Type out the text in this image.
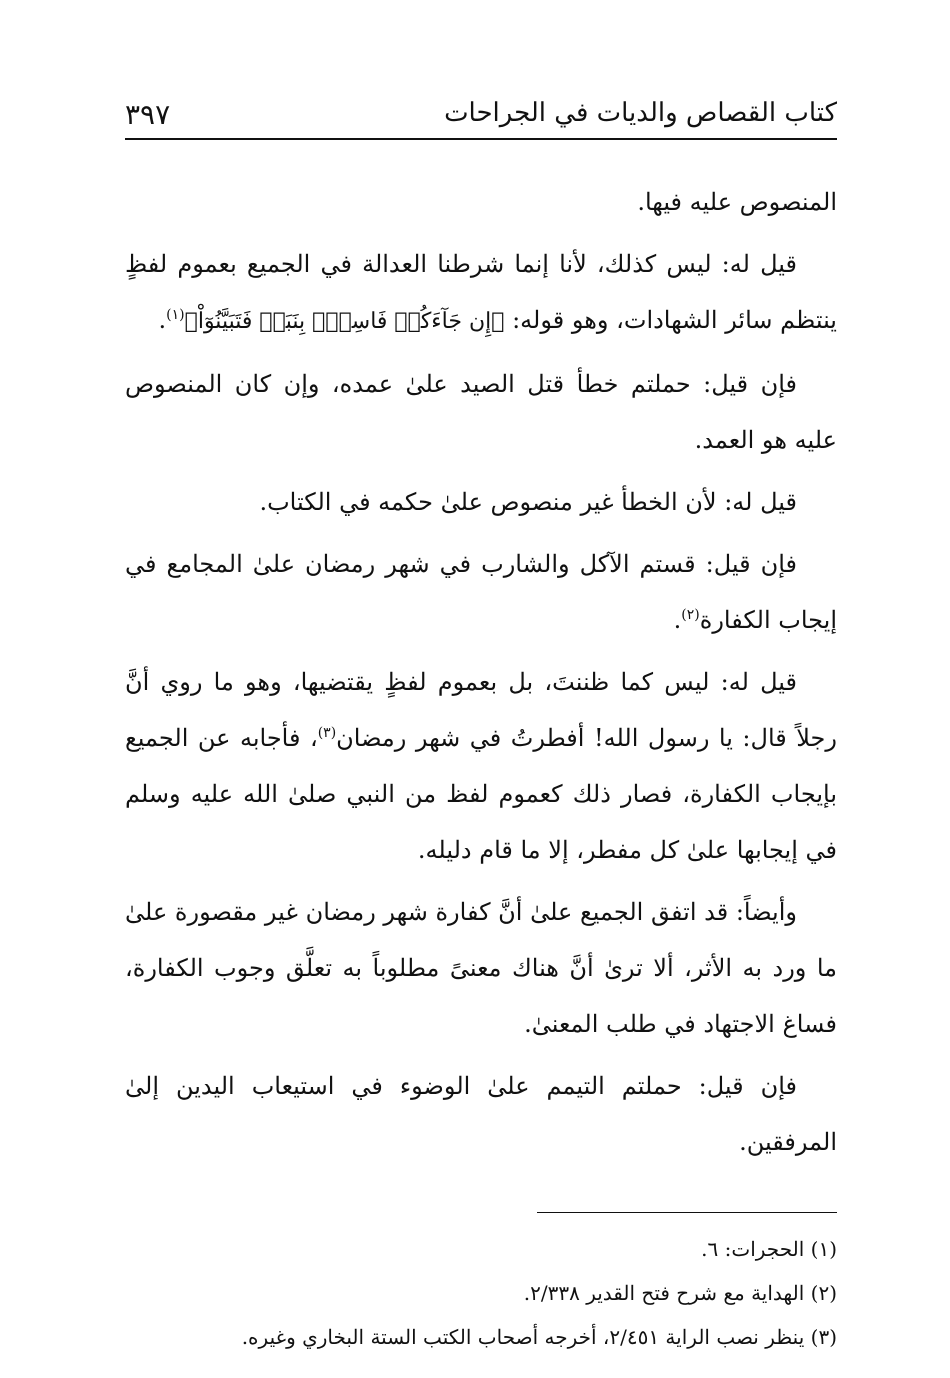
كتاب القصاص والديات في الجراحات
٣٩٧

المنصوص عليه فيها.

قيل له: ليس كذلك، لأنا إنما شرطنا العدالة في الجميع بعموم لفظٍ ينتظم سائر الشهادات، وهو قوله: ﴿إِن جَآءَكُمۡ فَاسِقُۢ بِنَبَإٖ فَتَبَيَّنُوٓاْ﴾$^{(١)}$.

فإن قيل: حملتم خطأ قتل الصيد علىٰ عمده، وإن كان المنصوص عليه هو العمد.

قيل له: لأن الخطأ غير منصوص علىٰ حكمه في الكتاب.

فإن قيل: قستم الآكل والشارب في شهر رمضان علىٰ المجامع في إيجاب الكفارة$^{(٢)}$.

قيل له: ليس كما ظننتَ، بل بعموم لفظٍ يقتضيها، وهو ما روي أنَّ رجلاً قال: يا رسول الله! أفطرتُ في شهر رمضان$^{(٣)}$، فأجابه عن الجميع بإيجاب الكفارة، فصار ذلك كعموم لفظ من النبي صلىٰ الله عليه وسلم في إيجابها علىٰ كل مفطر، إلا ما قام دليله.

وأيضاً: قد اتفق الجميع علىٰ أنَّ كفارة شهر رمضان غير مقصورة علىٰ ما ورد به الأثر، ألا ترىٰ أنَّ هناك معنىً مطلوباً به تعلَّق وجوب الكفارة، فساغ الاجتهاد في طلب المعنىٰ.

فإن قيل: حملتم التيمم علىٰ الوضوء في استيعاب اليدين إلىٰ المرفقين.

(١) الحجرات: ٦.

(٢) الهداية مع شرح فتح القدير ٢/٣٣٨.

(٣) ينظر نصب الراية ٢/٤٥١، أخرجه أصحاب الكتب الستة البخاري وغيره.
